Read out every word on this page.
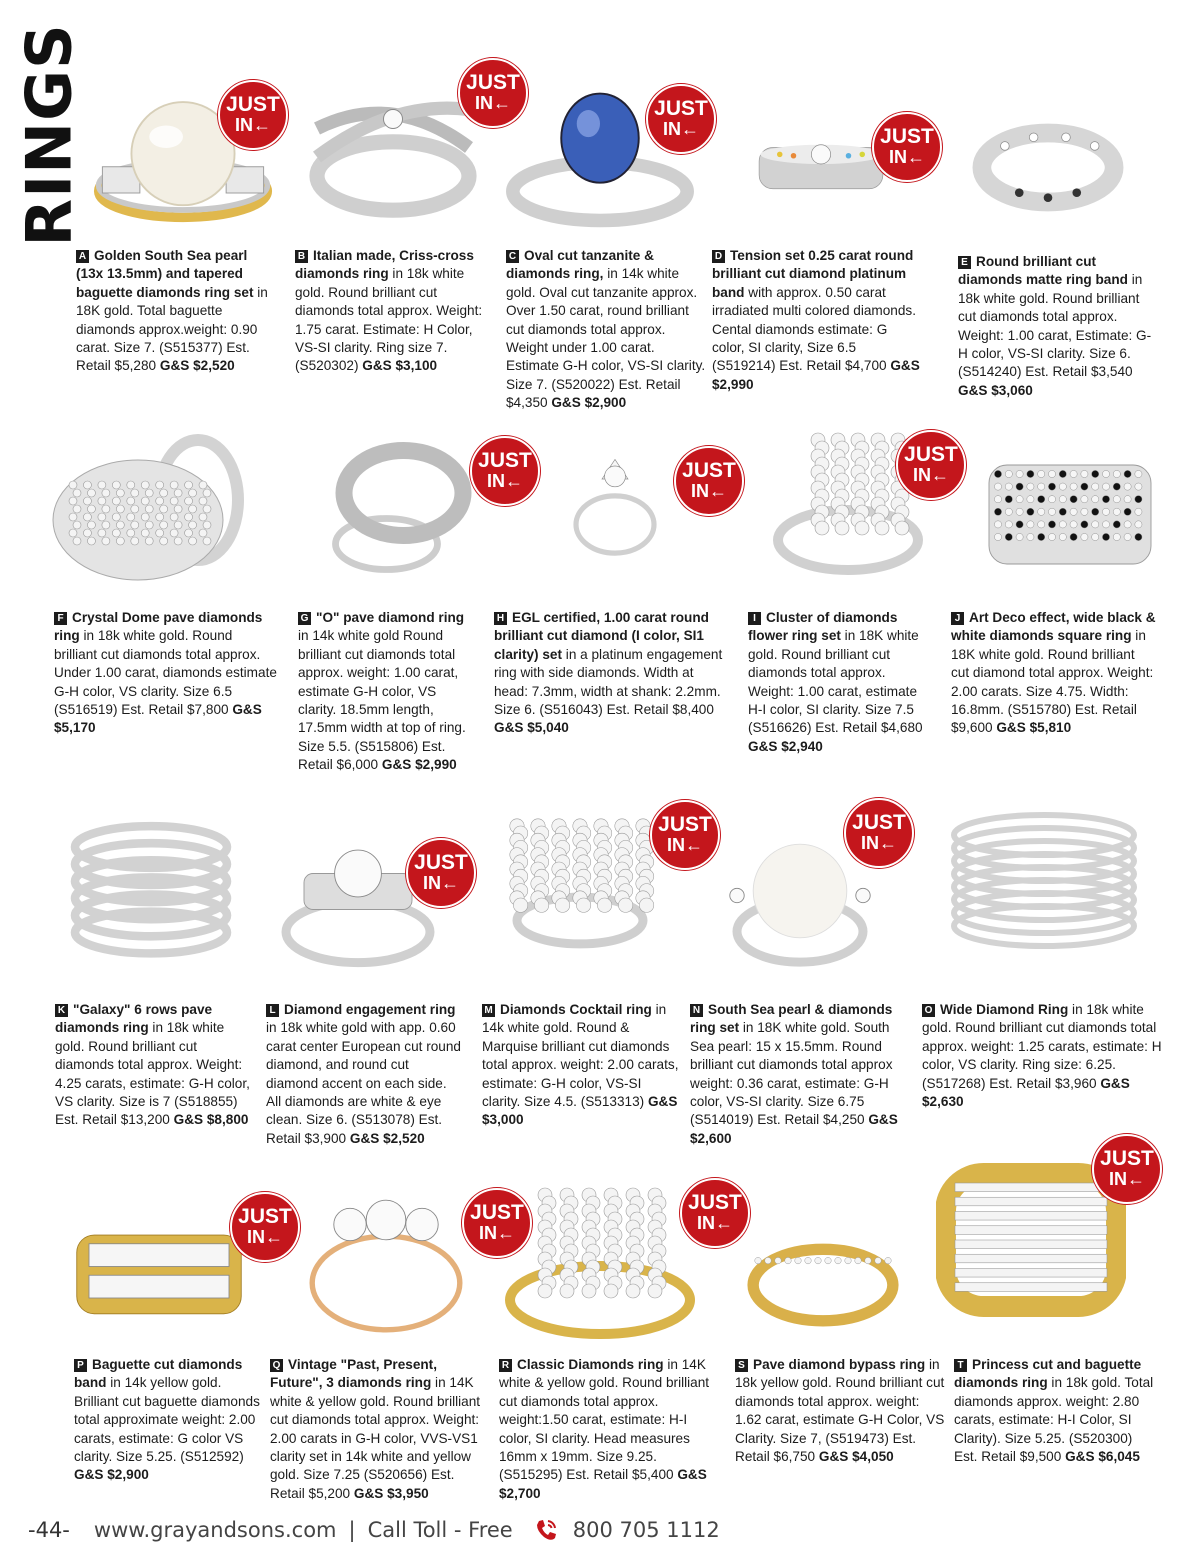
RINGS	JUST
IN←
A Golden South Sea pearl (13x 13.5mm) and tapered baguette diamonds ring set in 18K gold. Total baguette diamonds approx.weight: 0.90 carat. Size 7. (S515377) Est. Retail $5,280 G&S $2,520
JUST
IN←
B Italian made, Criss-cross diamonds ring in 18k white gold. Round brilliant cut diamonds total approx. Weight: 1.75 carat. Estimate: H Color, VS-SI clarity. Ring size 7. (S520302) G&S $3,100
JUST
IN←
C Oval cut tanzanite & diamonds ring, in 14k white gold. Oval cut tanzanite approx. Over 1.50 carat, round brilliant cut diamonds total approx. Weight under 1.00 carat. Estimate G-H color, VS-SI clarity. Size 7. (S520022) Est. Retail $4,350 G&S $2,900
JUST
IN←
D Tension set 0.25 carat round brilliant cut diamond platinum band with approx. 0.50 carat irradiated multi colored diamonds. Cental diamonds estimate: G color, SI clarity, Size 6.5 (S519214) Est. Retail $4,700 G&S $2,990
E Round brilliant cut diamonds matte ring band in 18k white gold. Round brilliant cut diamonds total approx. Weight: 1.00 carat, Estimate: G-H color, VS-SI clarity. Size 6. (S514240) Est. Retail $3,540 G&S $3,060
F Crystal Dome pave diamonds ring in 18k white gold. Round brilliant cut diamonds total approx. Under 1.00 carat, diamonds estimate G-H color, VS clarity. Size 6.5 (S516519) Est. Retail $7,800 G&S $5,170
JUST
IN←
G "O" pave diamond ring in 14k white gold Round brilliant cut diamonds total approx. weight: 1.00 carat, estimate G-H color, VS clarity. 18.5mm length, 17.5mm width at top of ring. Size 5.5. (S515806) Est. Retail $6,000 G&S $2,990
JUST
IN←
H EGL certified, 1.00 carat round brilliant cut diamond (I color, SI1 clarity) set in a platinum engagement ring with side diamonds. Width at head: 7.3mm, width at shank: 2.2mm. Size 6. (S516043) Est. Retail $8,400 G&S $5,040
JUST
IN←
I Cluster of diamonds flower ring set in 18K white gold. Round brilliant cut diamonds total approx. Weight: 1.00 carat, estimate H-I color, SI clarity. Size 7.5 (S516626) Est. Retail $4,680 G&S $2,940
J Art Deco effect, wide black & white diamonds square ring in 18K white gold. Round brilliant cut diamond total approx. Weight: 2.00 carats. Size 4.75. Width: 16.8mm. (S515780) Est. Retail $9,600 G&S $5,810
K "Galaxy" 6 rows pave diamonds ring in 18k white gold. Round brilliant cut diamonds total approx. Weight: 4.25 carats, estimate: G-H color, VS clarity. Size is 7 (S518855) Est. Retail $13,200 G&S $8,800
JUST
IN←
L Diamond engagement ring in 18k white gold with app. 0.60 carat center European cut round diamond, and round cut diamond accent on each side. All diamonds are white & eye clean. Size 6. (S513078) Est. Retail $3,900 G&S $2,520
JUST
IN←
M Diamonds Cocktail ring in 14k white gold. Round & Marquise brilliant cut diamonds total approx. weight: 2.00 carats, estimate: G-H color, VS-SI clarity. Size 4.5. (S513313) G&S $3,000
JUST
IN←
N South Sea pearl & diamonds ring set in 18K white gold. South Sea pearl: 15 x 15.5mm. Round brilliant cut diamonds total approx weight: 0.36 carat, estimate: G-H color, VS-SI clarity. Size 6.75 (S514019) Est. Retail $4,250 G&S $2,600
O Wide Diamond Ring in 18k white gold. Round brilliant cut diamonds total approx. weight: 1.25 carats, estimate: H color, VS clarity. Ring size: 6.25. (S517268) Est. Retail $3,960 G&S $2,630
JUST
IN←
P Baguette cut diamonds band in 14k yellow gold. Brilliant cut baguette diamonds total approximate weight: 2.00 carats, estimate: G color VS clarity. Size 5.25. (S512592) G&S $2,900
JUST
IN←
Q Vintage "Past, Present, Future", 3 diamonds ring in 14K white & yellow gold. Round brilliant cut diamonds total approx. Weight: 2.00 carats in G-H color, VVS-VS1 clarity set in 14k white and yellow gold. Size 7.25 (S520656) Est. Retail $5,200 G&S $3,950
JUST
IN←
R Classic Diamonds ring in 14K white & yellow gold. Round brilliant cut diamonds total approx. weight:1.50 carat, estimate: H-I color, SI clarity. Head measures 16mm x 19mm. Size 9.25. (S515295) Est. Retail $5,400 G&S $2,700
S Pave diamond bypass ring in 18k yellow gold. Round brilliant cut diamonds total approx. weight: 1.62 carat, estimate G-H Color, VS Clarity. Size 7, (S519473) Est. Retail $6,750 G&S $4,050
JUST
IN←
T Princess cut and baguette diamonds ring in 18k gold. Total diamonds approx. weight: 2.80 carats, estimate: H-I Color, SI Clarity). Size 5.25. (S520300) Est. Retail $9,500 G&S $6,045
-44- www.grayandsons.com | Call Toll - Free	800 705 1112
